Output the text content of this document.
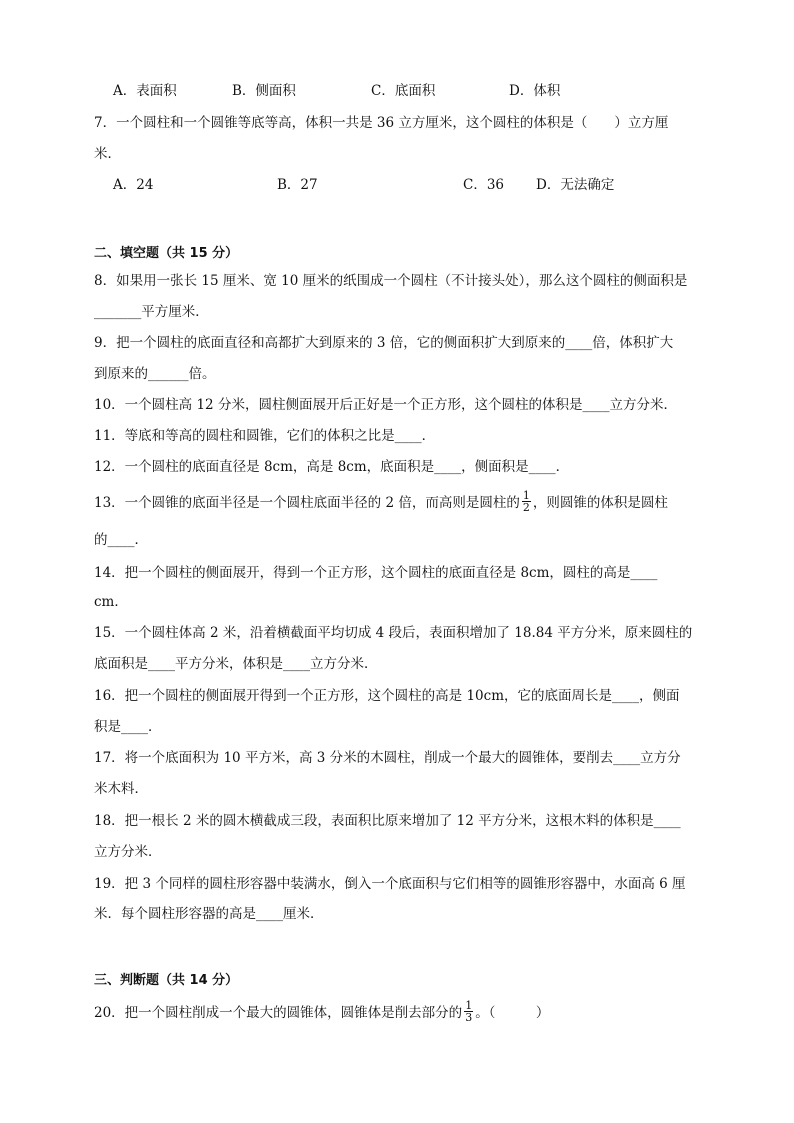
A．表面积	B．侧面积	C．底面积	D．体积
7．一个圆柱和一个圆锥等底等高，体积一共是 36 立方厘米，这个圆柱的体积是（　　）立方厘
米．
A．24	B．27	C．36 D．无法确定
二、填空题（共 15 分）
8．如果用一张长 15 厘米、宽 10 厘米的纸围成一个圆柱（不计接头处），那么这个圆柱的侧面积是
_______平方厘米．
9．把一个圆柱的底面直径和高都扩大到原来的 3 倍，它的侧面积扩大到原来的____倍，体积扩大
到原来的______倍。
10．一个圆柱高 12 分米，圆柱侧面展开后正好是一个正方形，这个圆柱的体积是____立方分米．
11．等底和等高的圆柱和圆锥，它们的体积之比是____．
12．一个圆柱的底面直径是 8cm，高是 8cm，底面积是____，侧面积是____．
13．一个圆锥的底面半径是一个圆柱底面半径的 2 倍，而高则是圆柱的 $\frac{1}{2}$ ，则圆锥的体积是圆柱
的____．
14．把一个圆柱的侧面展开，得到一个正方形，这个圆柱的底面直径是 8cm，圆柱的高是____
cm．
15．一个圆柱体高 2 米，沿着横截面平均切成 4 段后，表面积增加了 18.84 平方分米，原来圆柱的
底面积是____平方分米，体积是____立方分米．
16．把一个圆柱的侧面展开得到一个正方形，这个圆柱的高是 10cm，它的底面周长是____，侧面
积是____．
17．将一个底面积为 10 平方米，高 3 分米的木圆柱，削成一个最大的圆锥体，要削去____立方分
米木料．
18．把一根长 2 米的圆木横截成三段，表面积比原来增加了 12 平方分米，这根木料的体积是____
立方分米．
19．把 3 个同样的圆柱形容器中装满水，倒入一个底面积与它们相等的圆锥形容器中，水面高 6 厘
米．每个圆柱形容器的高是____厘米．
三、判断题（共 14 分）
20．把一个圆柱削成一个最大的圆锥体，圆锥体是削去部分的 $\frac{1}{3}$ 。（　　　）
